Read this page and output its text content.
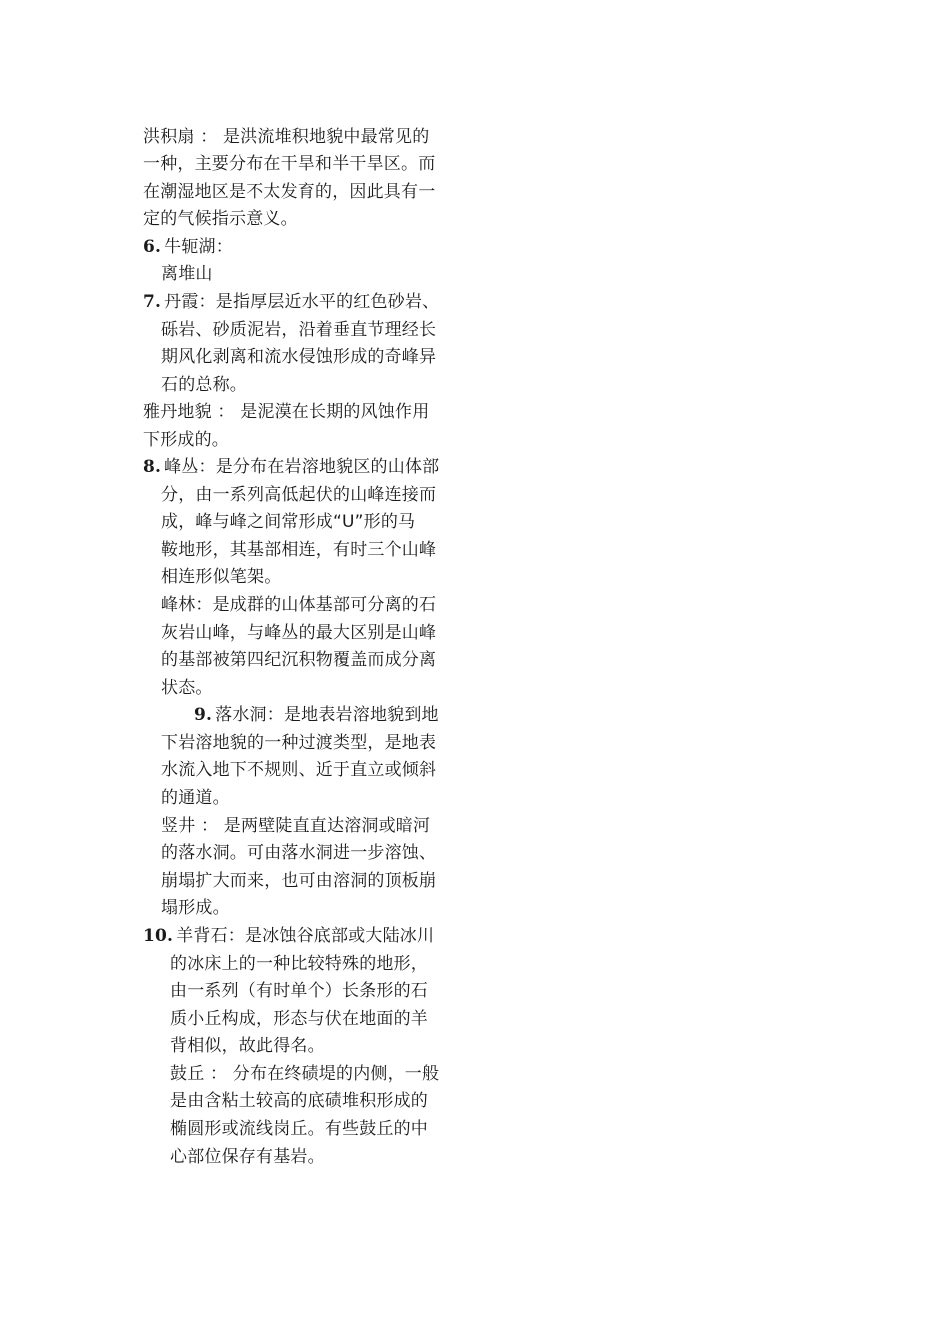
洪积扇 ： 是洪流堆积地貌中最常见的
一种，主要分布在干旱和半干旱区。而
在潮湿地区是不太发育的，因此具有一
定的气候指示意义。
6. 牛轭湖：
离堆山
7. 丹霞：是指厚层近水平的红色砂岩、
砾岩、砂质泥岩，沿着垂直节理经长
期风化剥离和流水侵蚀形成的奇峰异
石的总称。
雅丹地貌 ： 是泥漠在长期的风蚀作用
下形成的。
8. 峰丛：是分布在岩溶地貌区的山体部
分，由一系列高低起伏的山峰连接而
成，峰与峰之间常形成“U”形的马
鞍地形，其基部相连，有时三个山峰
相连形似笔架。
峰林：是成群的山体基部可分离的石
灰岩山峰，与峰丛的最大区别是山峰
的基部被第四纪沉积物覆盖而成分离
状态。
9. 落水洞：是地表岩溶地貌到地
下岩溶地貌的一种过渡类型，是地表
水流入地下不规则、近于直立或倾斜
的通道。
竖井 ： 是两壁陡直直达溶洞或暗河
的落水洞。可由落水洞进一步溶蚀、
崩塌扩大而来，也可由溶洞的顶板崩
塌形成。
10. 羊背石：是冰蚀谷底部或大陆冰川
的冰床上的一种比较特殊的地形，
由一系列（有时单个）长条形的石
质小丘构成，形态与伏在地面的羊
背相似，故此得名。
鼓丘 ： 分布在终碛堤的内侧，一般
是由含粘土较高的底碛堆积形成的
椭圆形或流线岗丘。有些鼓丘的中
心部位保存有基岩。
